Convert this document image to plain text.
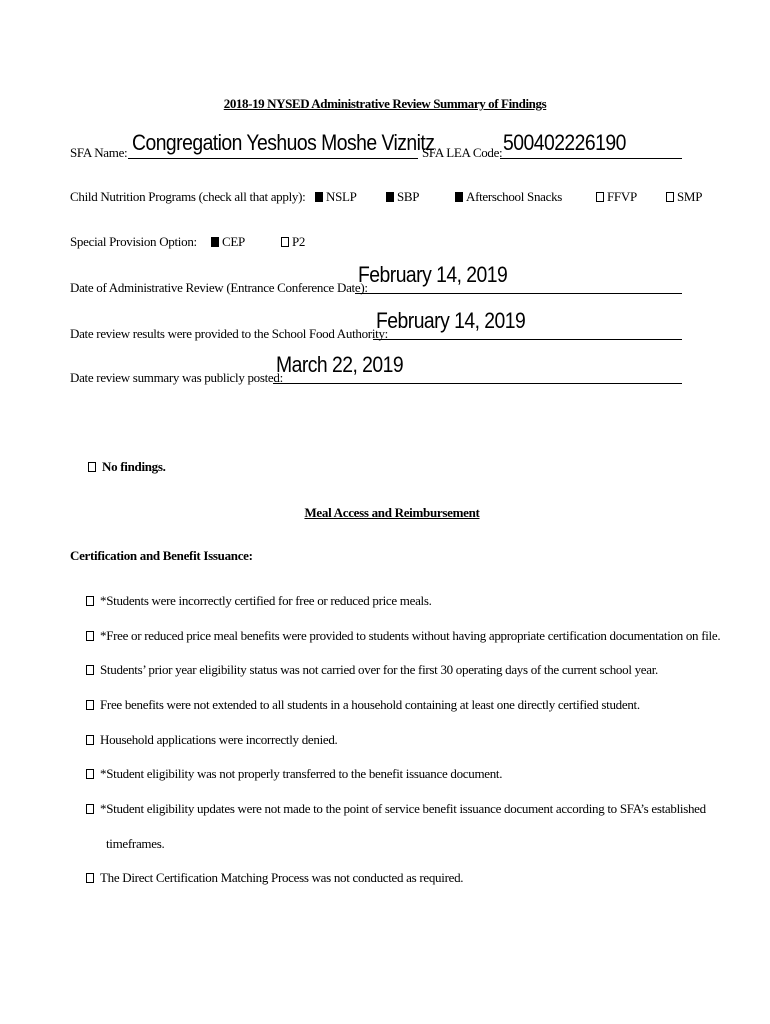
2018-19 NYSED Administrative Review Summary of Findings
SFA Name: Congregation Yeshuos Moshe Viznitz
SFA LEA Code: 500402226190
Child Nutrition Programs (check all that apply):	NSLP	SBP	Afterschool Snacks	FFVP	SMP
Special Provision Option:	CEP	P2
Date of Administrative Review (Entrance Conference Date):
February 14, 2019
Date review results were provided to the School Food Authority:
February 14, 2019
Date review summary was publicly posted:
March 22, 2019
No findings.
Meal Access and Reimbursement
Certification and Benefit Issuance:
*Students were incorrectly certified for free or reduced price meals.
*Free or reduced price meal benefits were provided to students without having appropriate certification documentation on file.
Students’ prior year eligibility status was not carried over for the first 30 operating days of the current school year.
Free benefits were not extended to all students in a household containing at least one directly certified student.
Household applications were incorrectly denied.
*Student eligibility was not properly transferred to the benefit issuance document.
*Student eligibility updates were not made to the point of service benefit issuance document according to SFA’s established
timeframes.
The Direct Certification Matching Process was not conducted as required.
